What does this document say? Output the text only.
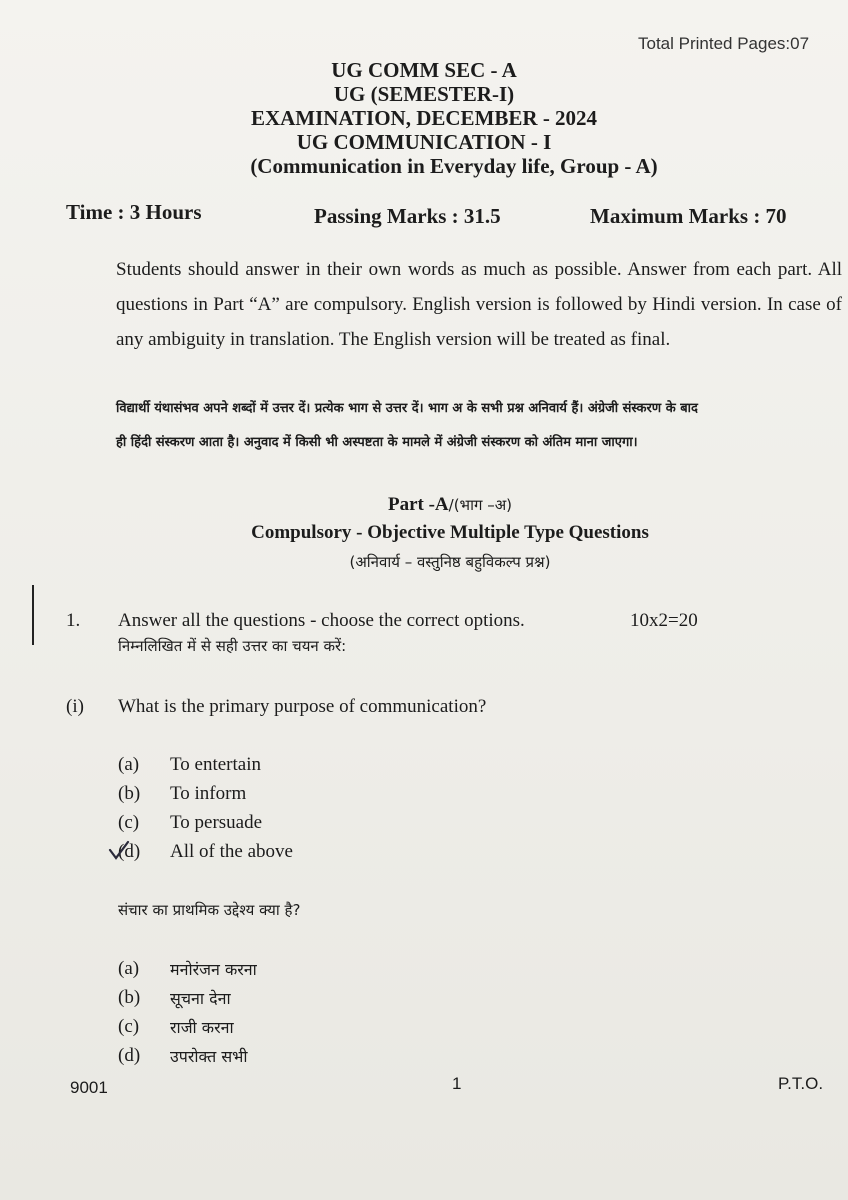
Total Printed Pages:07
UG COMM SEC - A
UG (SEMESTER-I)
EXAMINATION, DECEMBER - 2024
UG COMMUNICATION - I
(Communication in Everyday life, Group - A)
Time : 3 Hours	Passing Marks : 31.5	Maximum Marks : 70
Students should answer in their own words as much as possible. Answer from each part. All questions in Part “A” are compulsory. English version is followed by Hindi version. In case of any ambiguity in translation. The English version will be treated as final.
विद्यार्थी यंथासंभव अपने शब्दों में उत्तर दें। प्रत्येक भाग से उत्तर दें। भाग अ के सभी प्रश्न अनिवार्य हैं। अंग्रेजी संस्करण के बाद
ही हिंदी संस्करण आता है। अनुवाद में किसी भी अस्पष्टता के मामले में अंग्रेजी संस्करण को अंतिम माना जाएगा।
Part -A/(भाग –अ)
Compulsory - Objective Multiple Type Questions
(अनिवार्य – वस्तुनिष्ठ बहुविकल्प प्रश्न)
1. Answer all the questions - choose the correct options.	10x2=20
निम्नलिखित में से सही उत्तर का चयन करें:
(i) What is the primary purpose of communication?
(a)	To entertain
(b)	To inform
(c)	To persuade
(d)	All of the above
संचार का प्राथमिक उद्देश्य क्या है?
(a)	मनोरंजन करना
(b)	सूचना देना
(c)	राजी करना
(d)	उपरोक्त सभी
9001	1	P.T.O.
